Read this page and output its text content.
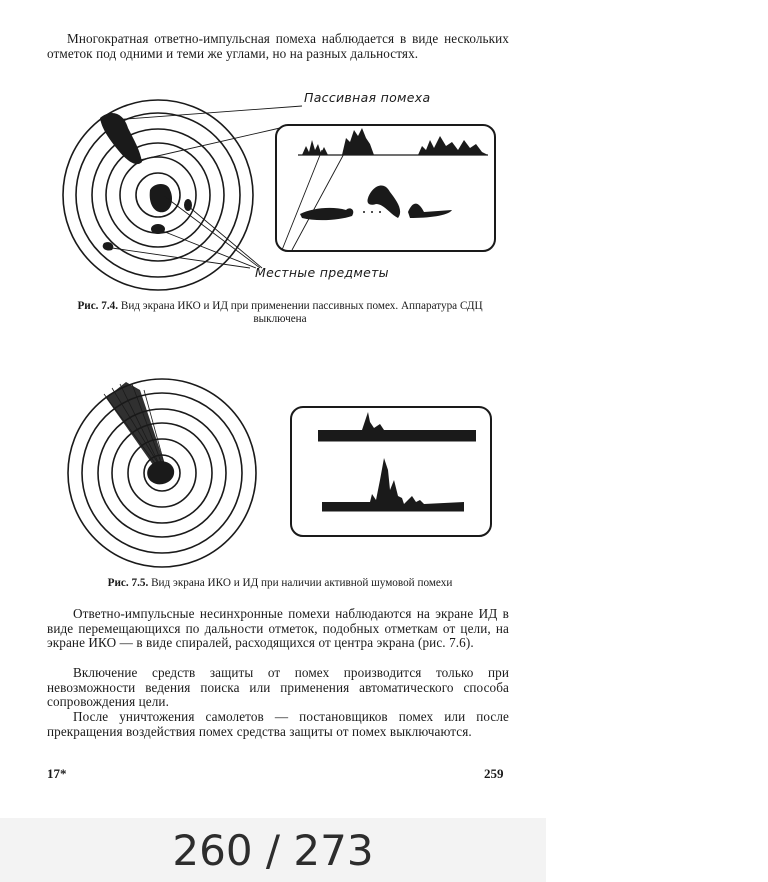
Многократная ответно-импульсная помеха наблюдается в виде нескольких отметок под одними и теми же углами, но на разных дальностях.
Пассивная помеха
Местные предметы
Рис. 7.4. Вид экрана ИКО и ИД при применении пассивных помех. Аппаратура СДЦ выключена
Рис. 7.5. Вид экрана ИКО и ИД при наличии активной шумовой помехи
Ответно-импульсные несинхронные помехи наблюдаются на экране ИД в виде перемещающихся по дальности отметок, подобных отметкам от цели, на экране ИКО — в виде спиралей, расходящихся от центра экрана (рис. 7.6).
Включение средств защиты от помех производится только при невозможности ведения поиска или применения автоматического способа сопровождения цели.
После уничтожения самолетов — постановщиков помех или после прекращения воздействия помех средства защиты от помех выключаются.
17*	259
260 / 273
